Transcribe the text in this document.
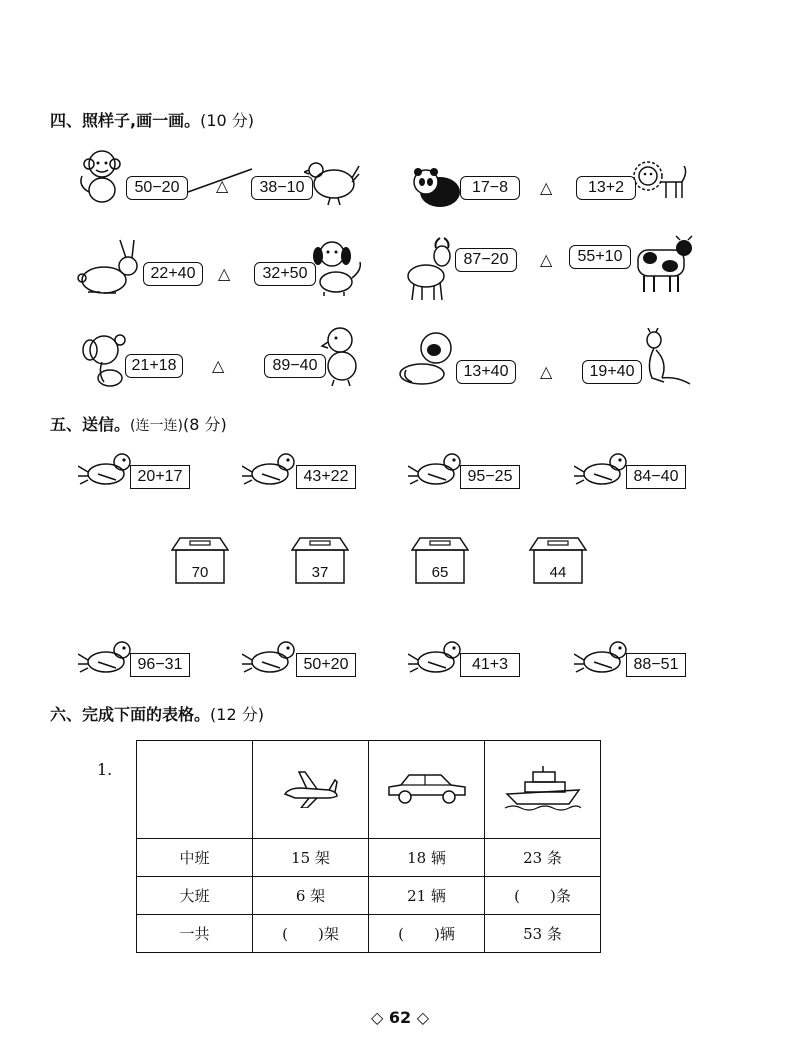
四、照样子,画一画。(10 分)
50−20	△	38−10	17−8	△	13+2
22+40	△	32+50
87−20	△	55+10
21+18	△	89−40	13+40	△	19+40
五、送信。(连一连)(8 分)
20+17	43+22	95−25	84−40
70	37	65	44
96−31	50+20	41+3	88−51
六、完成下面的表格。(12 分)
1.

中班	15 架	18 辆	23 条
大班	6 架	21 辆	(　　)条
一共	(　　)架	(　　)辆	53 条
◇ 62 ◇
